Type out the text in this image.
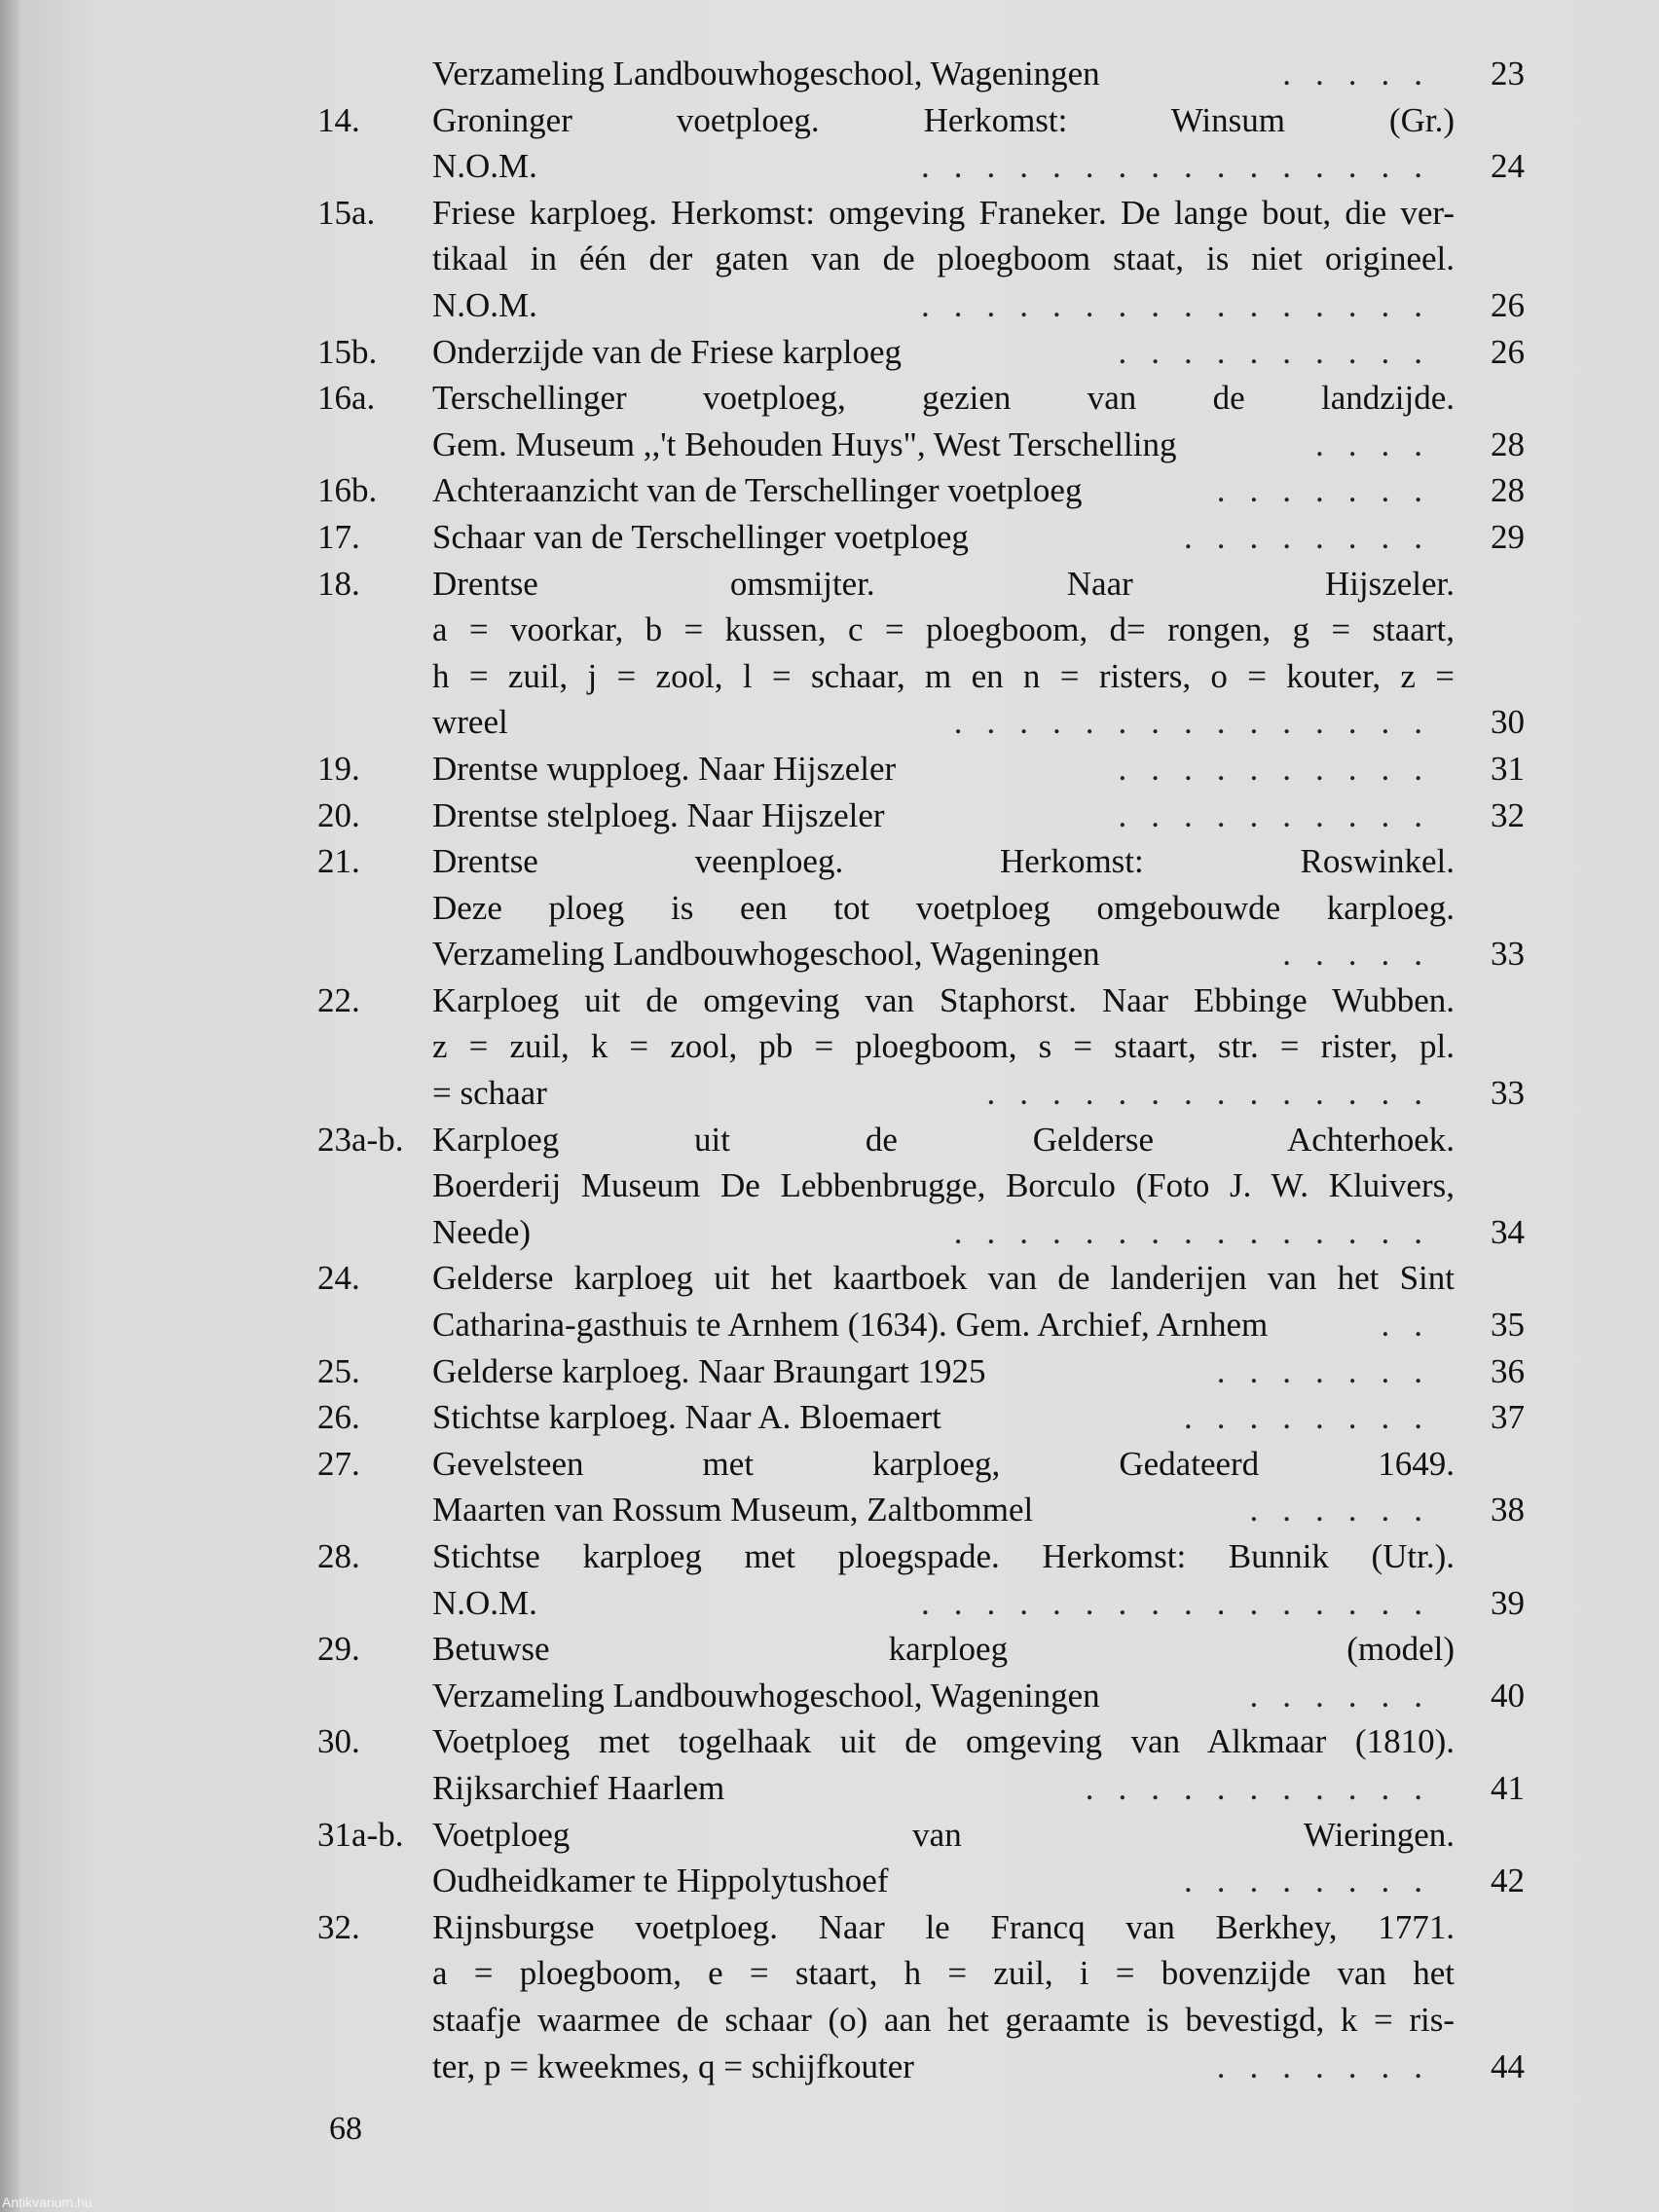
Verzameling Landbouwhogeschool, Wageningen	.....	23
14.	Groninger voetploeg. Herkomst: Winsum (Gr.)
N.O.M.	................	24
15a.	Friese karploeg. Herkomst: omgeving Franeker. De lange bout, die ver-
tikaal in één der gaten van de ploegboom staat, is niet origineel.
N.O.M.	................	26
15b.	Onderzijde van de Friese karploeg	..........	26
16a.	Terschellinger voetploeg, gezien van de landzijde.
Gem. Museum ,,'t Behouden Huys", West Terschelling	....	28
16b.	Achteraanzicht van de Terschellinger voetploeg	.......	28
17.	Schaar van de Terschellinger voetploeg	........	29
18.	Drentse omsmijter. Naar Hijszeler.
a = voorkar, b = kussen, c = ploegboom, d= rongen, g = staart,
h = zuil, j = zool, l = schaar, m en n = risters, o = kouter, z =
wreel	...............	30
19.	Drentse wupploeg. Naar Hijszeler	..........	31
20.	Drentse stelploeg. Naar Hijszeler	..........	32
21.	Drentse veenploeg. Herkomst: Roswinkel.
Deze ploeg is een tot voetploeg omgebouwde karploeg.
Verzameling Landbouwhogeschool, Wageningen	.....	33
22.	Karploeg uit de omgeving van Staphorst. Naar Ebbinge Wubben.
z = zuil, k = zool, pb = ploegboom, s = staart, str. = rister, pl.
= schaar	..............	33
23a-b. Karploeg uit de Gelderse Achterhoek.
Boerderij Museum De Lebbenbrugge, Borculo (Foto J. W. Kluivers,
Neede)	...............	34
24.	Gelderse karploeg uit het kaartboek van de landerijen van het Sint
Catharina-gasthuis te Arnhem (1634). Gem. Archief, Arnhem	..	35
25.	Gelderse karploeg. Naar Braungart 1925	.......	36
26.	Stichtse karploeg. Naar A. Bloemaert	........	37
27.	Gevelsteen met karploeg, Gedateerd 1649.
Maarten van Rossum Museum, Zaltbommel	......	38
28.	Stichtse karploeg met ploegspade. Herkomst: Bunnik (Utr.).
N.O.M.	................	39
29.	Betuwse karploeg (model)
Verzameling Landbouwhogeschool, Wageningen	......	40
30.	Voetploeg met togelhaak uit de omgeving van Alkmaar (1810).
Rijksarchief Haarlem	...........	41
31a-b. Voetploeg van Wieringen.
Oudheidkamer te Hippolytushoef	........	42
32.	Rijnsburgse voetploeg. Naar le Francq van Berkhey, 1771.
a = ploegboom, e = staart, h = zuil, i = bovenzijde van het
staafje waarmee de schaar (o) aan het geraamte is bevestigd, k = ris-
ter, p = kweekmes, q = schijfkouter	.......	44
68
Antikvarium.hu
